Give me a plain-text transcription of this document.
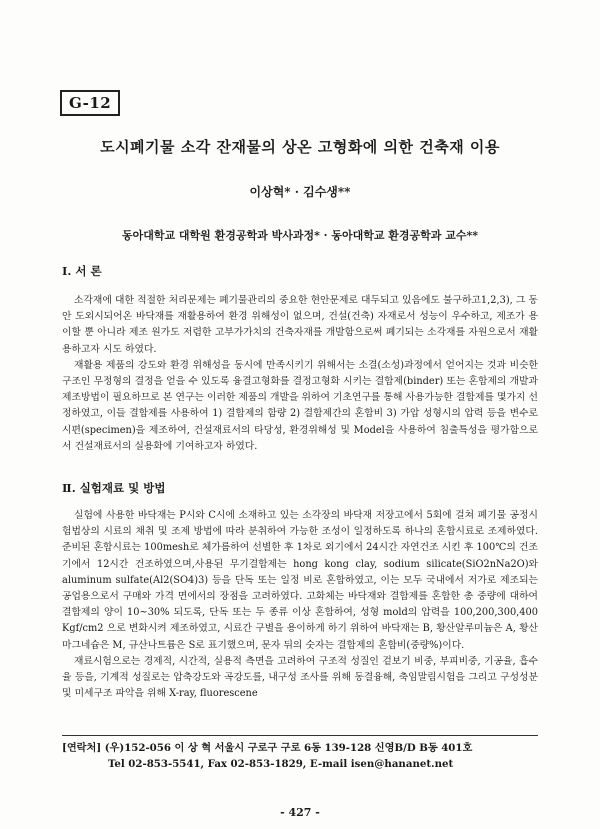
G-12
도시폐기물 소각 잔재물의 상온 고형화에 의한 건축재 이용
이상혁* · 김수생**
동아대학교 대학원 환경공학과 박사과정* · 동아대학교 환경공학과 교수**
Ⅰ. 서 론

소각재에 대한 적절한 처리문제는 폐기물관리의 중요한 현안문제로 대두되고 있음에도 불구하고1,2,3), 그 동안 도외시되어온 바닥재를 재활용하여 환경 위해성이 없으며, 건설(건축) 자재로서 성능이 우수하고, 제조가 용이할 뿐 아니라 제조 원가도 저렴한 고부가가치의 건축자재를 개발함으로써 폐기되는 소각재를 자원으로서 재활용하고자 시도 하였다.

재활용 제품의 강도와 환경 위해성을 동시에 만족시키기 위해서는 소결(소성)과정에서 얻어지는 것과 비슷한 구조인 무정형의 결정을 얻을 수 있도록 융결고형화를 결정고형화 시키는 결합제(binder) 또는 혼합제의 개발과 제조방법이 필요하므로 본 연구는 이러한 제품의 개발을 위하여 기초연구를 통해 사용가능한 결합제를 몇가지 선정하였고, 이들 결합제를 사용하여 1) 결합제의 함량 2) 결합제간의 혼합비 3) 가압 성형시의 압력 등을 변수로 시편(specimen)을 제조하여, 건설재료서의 타당성, 환경위해성 및 Model을 사용하여 침출특성을 평가함으로서 건설재료서의 실용화에 기여하고자 하였다.

Ⅱ. 실험재료 및 방법

실험에 사용한 바닥재는 P시와 C시에 소재하고 있는 소각장의 바닥재 저장고에서 5회에 걸쳐 폐기물 공정시험법상의 시료의 채취 및 조제 방법에 따라 분취하여 가능한 조성이 일정하도록 하나의 혼합시료로 조제하였다. 준비된 혼합시료는 100mesh로 체가름하여 선별한 후 1차로 외기에서 24시간 자연건조 시킨 후 100℃의 건조기에서 12시간 건조하였으며,사용된 무기결합제는 hong kong clay, sodium silicate(SiO2nNa2O)와 aluminum sulfate(Al2(SO4)3) 등을 단독 또는 일정 비로 혼합하였고, 이는 모두 국내에서 저가로 제조되는 공업용으로서 구매와 가격 면에서의 장점을 고려하였다. 고화체는 바닥재와 결합제를 혼합한 총 중량에 대하여 결합제의 양이 10~30% 되도록, 단독 또는 두 종류 이상 혼합하여, 성형 mold의 압력을 100,200,300,400 Kgf/cm2 으로 변화시켜 제조하였고, 시료간 구별을 용이하게 하기 위하여 바닥재는 B, 황산알루미늄은 A, 황산마그네슘은 M, 규산나트륨은 S로 표기했으며, 문자 뒤의 숫자는 결합제의 혼합비(중량%)이다.

재료시험으로는 경제적, 시간적, 실용적 측면을 고려하여 구조적 성질인 겉보기 비중, 부피비중, 기공율, 흡수율 등을, 기계적 성질로는 압축강도와 곡강도를, 내구성 조사를 위해 동결융해, 축임말림시험을 그리고 구성성분 및 미세구조 파악을 위해 X-ray, fluorescene

[연락처] (우)152-056 이 상 혁 서울시 구로구 구로 6동 139-128 신영B/D B동 401호
Tel 02-853-5541, Fax 02-853-1829, E-mail isen@hananet.net
- 427 -
